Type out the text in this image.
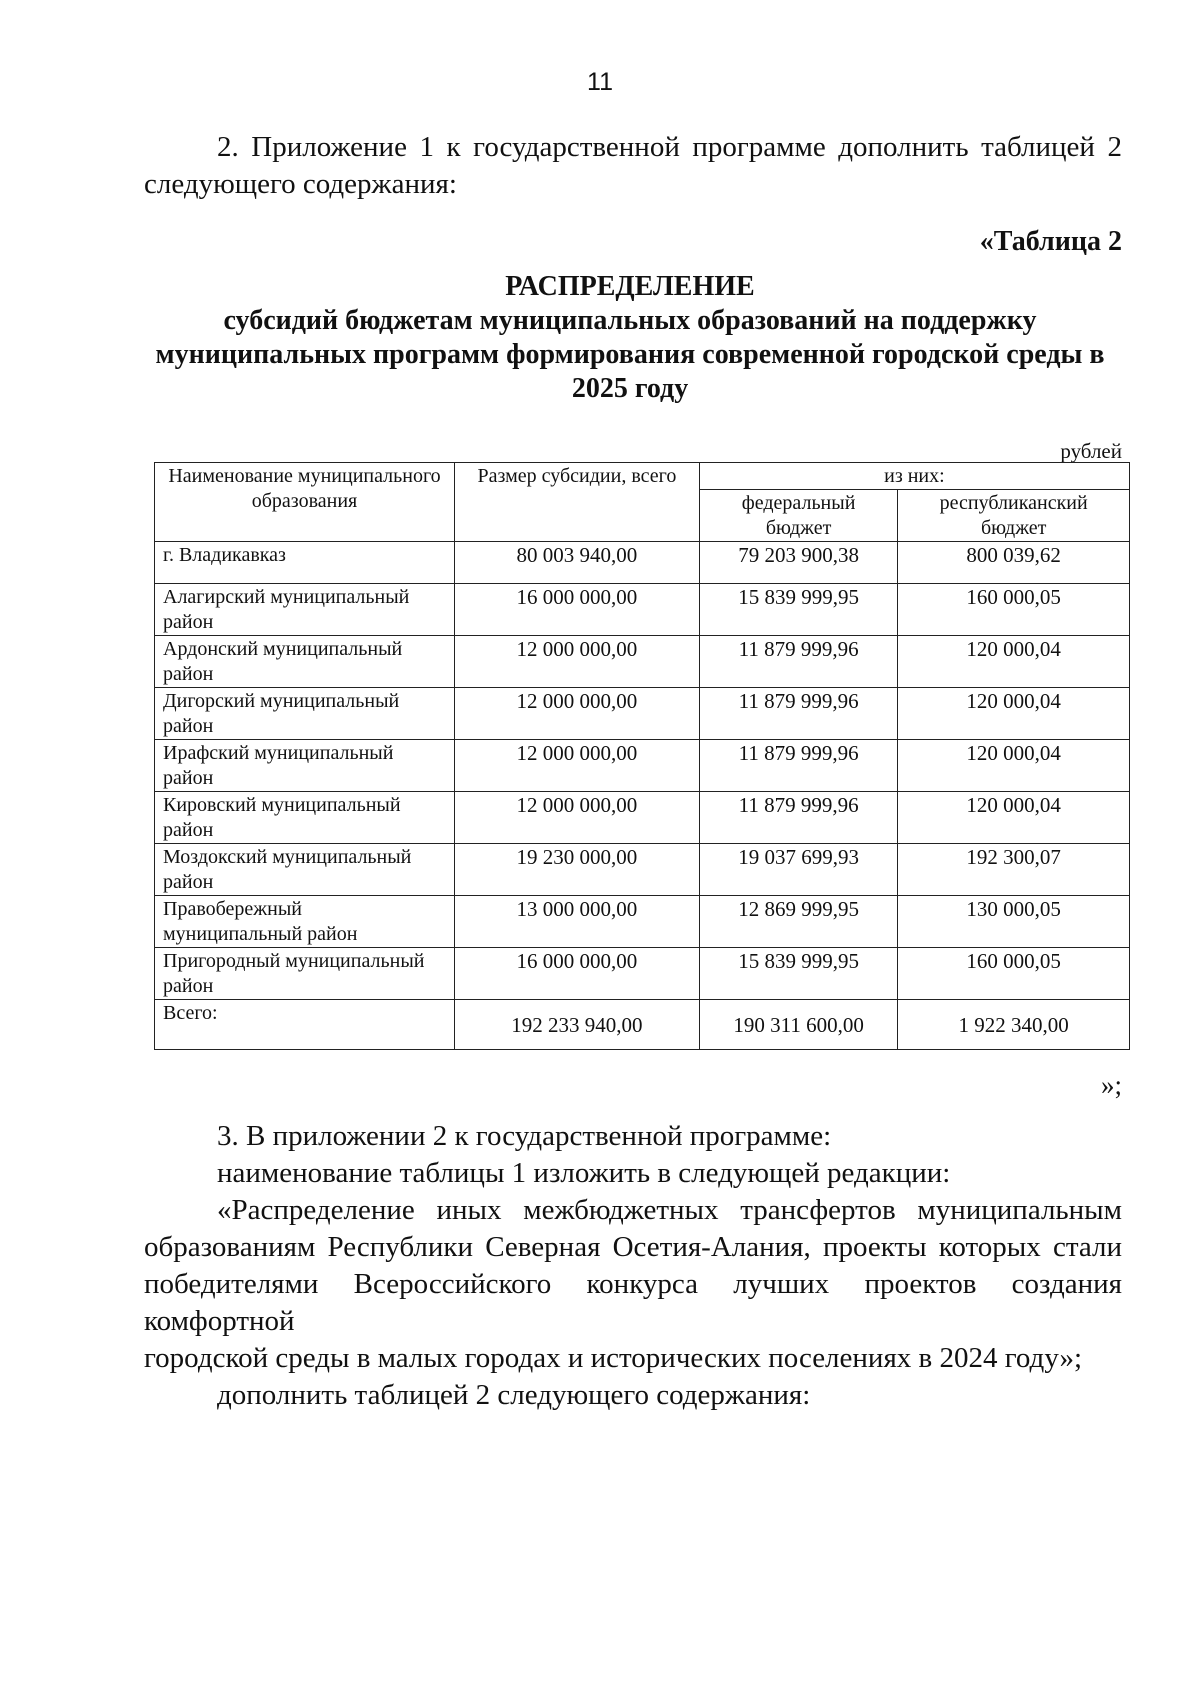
11
2. Приложение 1 к государственной программе дополнить таблицей 2
следующего содержания:
«Таблица 2
РАСПРЕДЕЛЕНИЕ
субсидий бюджетам муниципальных образований на поддержку
муниципальных программ формирования современной городской среды в
2025 году
рублей
Наименование муниципального образования	Размер субсидии, всего	из них:	
		федеральный бюджет	республиканский бюджет
г. Владикавказ	80 003 940,00	79 203 900,38	800 039,62
Алагирский муниципальный район	16 000 000,00	15 839 999,95	160 000,05
Ардонский муниципальный район	12 000 000,00	11 879 999,96	120 000,04
Дигорский муниципальный район	12 000 000,00	11 879 999,96	120 000,04
Ирафский муниципальный район	12 000 000,00	11 879 999,96	120 000,04
Кировский муниципальный район	12 000 000,00	11 879 999,96	120 000,04
Моздокский муниципальный район	19 230 000,00	19 037 699,93	192 300,07
Правобережный муниципальный район	13 000 000,00	12 869 999,95	130 000,05
Пригородный муниципальный район	16 000 000,00	15 839 999,95	160 000,05
Всего:	192 233 940,00	190 311 600,00	1 922 340,00
»;
3. В приложении 2 к государственной программе:
наименование таблицы 1 изложить в следующей редакции:
«Распределение иных межбюджетных трансфертов муниципальным
образованиям Республики Северная Осетия-Алания, проекты которых стали
победителями Всероссийского конкурса лучших проектов создания комфортной
городской среды в малых городах и исторических поселениях в 2024 году»;
дополнить таблицей 2 следующего содержания:
